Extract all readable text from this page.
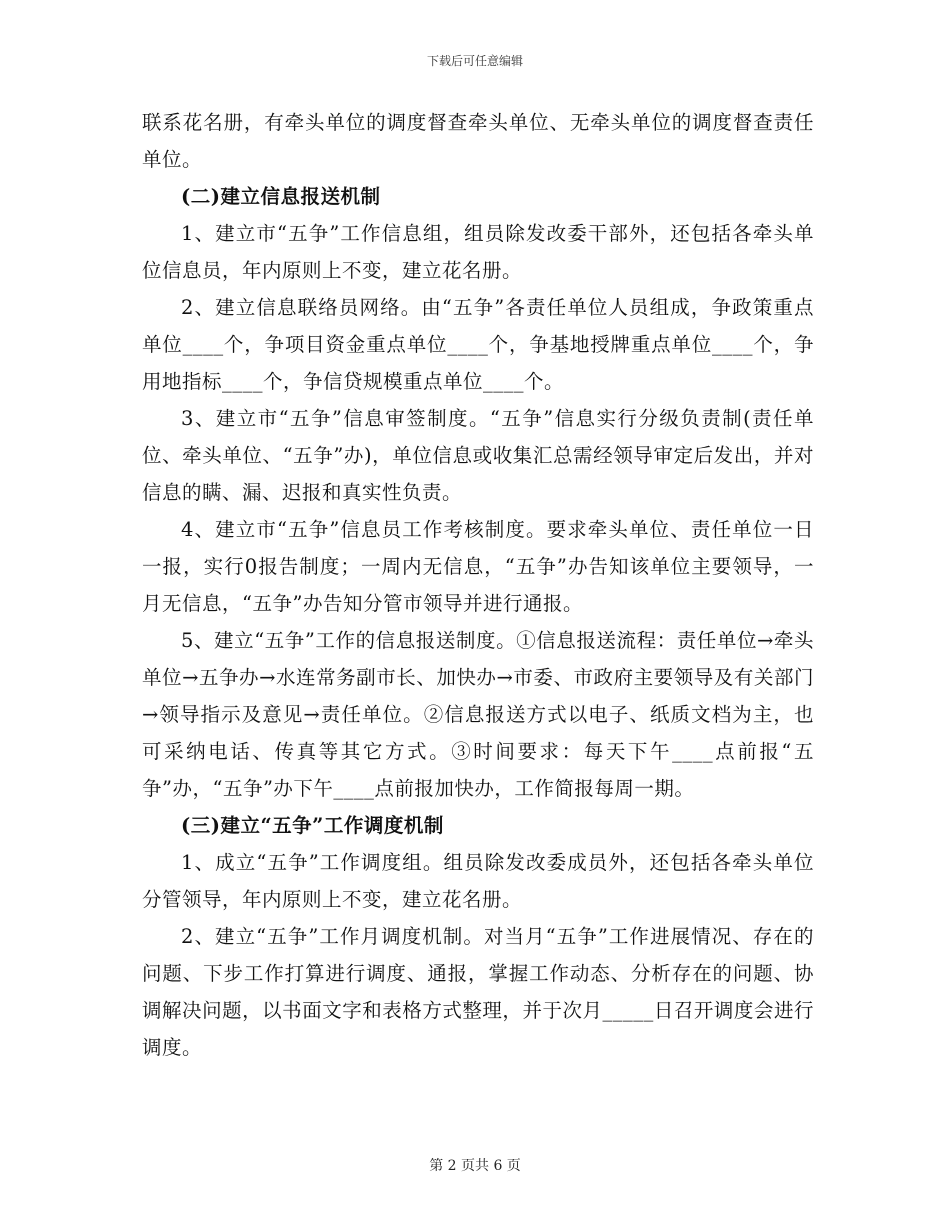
下载后可任意编辑

联系花名册，有牵头单位的调度督查牵头单位、无牵头单位的调度督查责任单位。

(二)建立信息报送机制

1、建立市“五争”工作信息组，组员除发改委干部外，还包括各牵头单位信息员，年内原则上不变，建立花名册。

2、建立信息联络员网络。由“五争”各责任单位人员组成，争政策重点单位____个，争项目资金重点单位____个，争基地授牌重点单位____个，争用地指标____个，争信贷规模重点单位____个。

3、建立市“五争”信息审签制度。“五争”信息实行分级负责制(责任单位、牵头单位、“五争”办)，单位信息或收集汇总需经领导审定后发出，并对信息的瞒、漏、迟报和真实性负责。

4、建立市“五争”信息员工作考核制度。要求牵头单位、责任单位一日一报，实行0报告制度；一周内无信息，“五争”办告知该单位主要领导，一月无信息，“五争”办告知分管市领导并进行通报。

5、建立“五争”工作的信息报送制度。①信息报送流程：责任单位→牵头单位→五争办→水连常务副市长、加快办→市委、市政府主要领导及有关部门→领导指示及意见→责任单位。②信息报送方式以电子、纸质文档为主，也可采纳电话、传真等其它方式。③时间要求：每天下午____点前报“五争”办，“五争”办下午____点前报加快办，工作简报每周一期。

(三)建立“五争”工作调度机制

1、成立“五争”工作调度组。组员除发改委成员外，还包括各牵头单位分管领导，年内原则上不变，建立花名册。

2、建立“五争”工作月调度机制。对当月“五争”工作进展情况、存在的问题、下步工作打算进行调度、通报，掌握工作动态、分析存在的问题、协调解决问题，以书面文字和表格方式整理，并于次月_____日召开调度会进行调度。

第 2 页共 6 页
